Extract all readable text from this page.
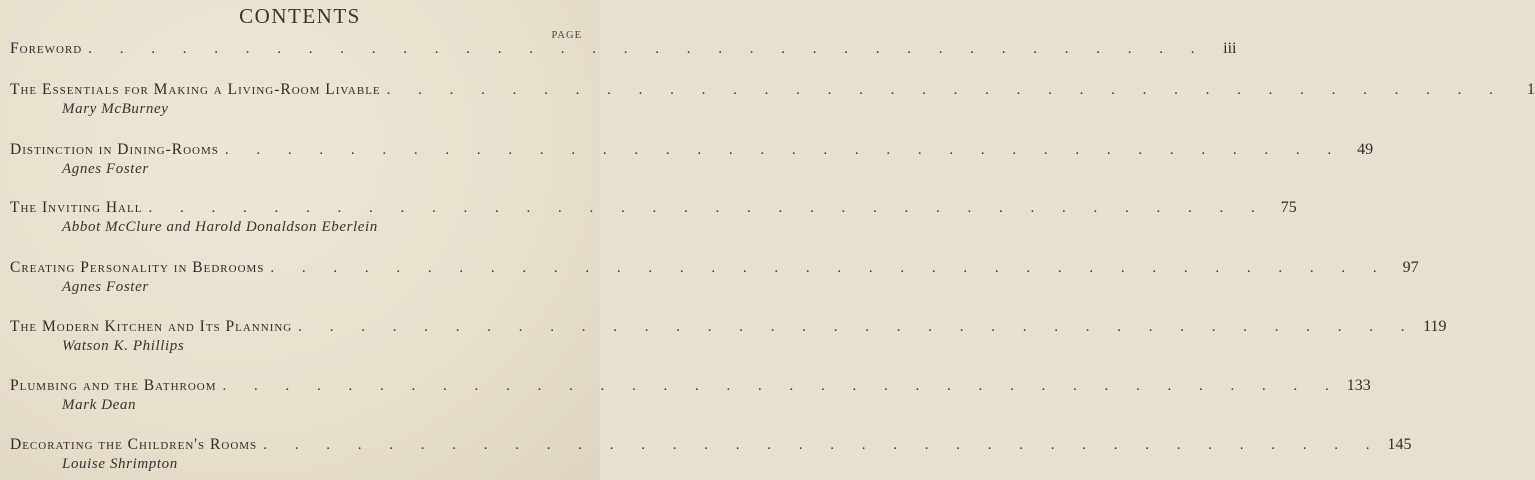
CONTENTS
PAGE
Foreword . . . . . . . . . . . . . . . . . . . . . . . . . . . . . . . . . . . .	iii
The Essentials for Making a Living-Room Livable . . . . . . . . . . . . . . . . . . . . . . . . . . . . . . . . . . . .	1
Mary McBurney
Distinction in Dining-Rooms . . . . . . . . . . . . . . . . . . . . . . . . . . . . . . . . . . . . 49
Agnes Foster
The Inviting Hall . . . . . . . . . . . . . . . . . . . . . . . . . . . . . . . . . . . . 75
Abbot McClure and Harold Donaldson Eberlein
Creating Personality in Bedrooms . . . . . . . . . . . . . . . . . . . . . . . . . . . . . . . . . . . . 97
Agnes Foster
The Modern Kitchen and Its Planning . . . . . . . . . . . . . . . . . . . . . . . . . . . . . . . . . . . . 119
Watson K. Phillips
Plumbing and the Bathroom . . . . . . . . . . . . . . . . . . . . . . . . . . . . . . . . . . . . 133
Mark Dean
Decorating the Children's Rooms . . . . . . . . . . . . . . . . . . . . . . . . . . . . . . . . . . . . 145
Louise Shrimpton
